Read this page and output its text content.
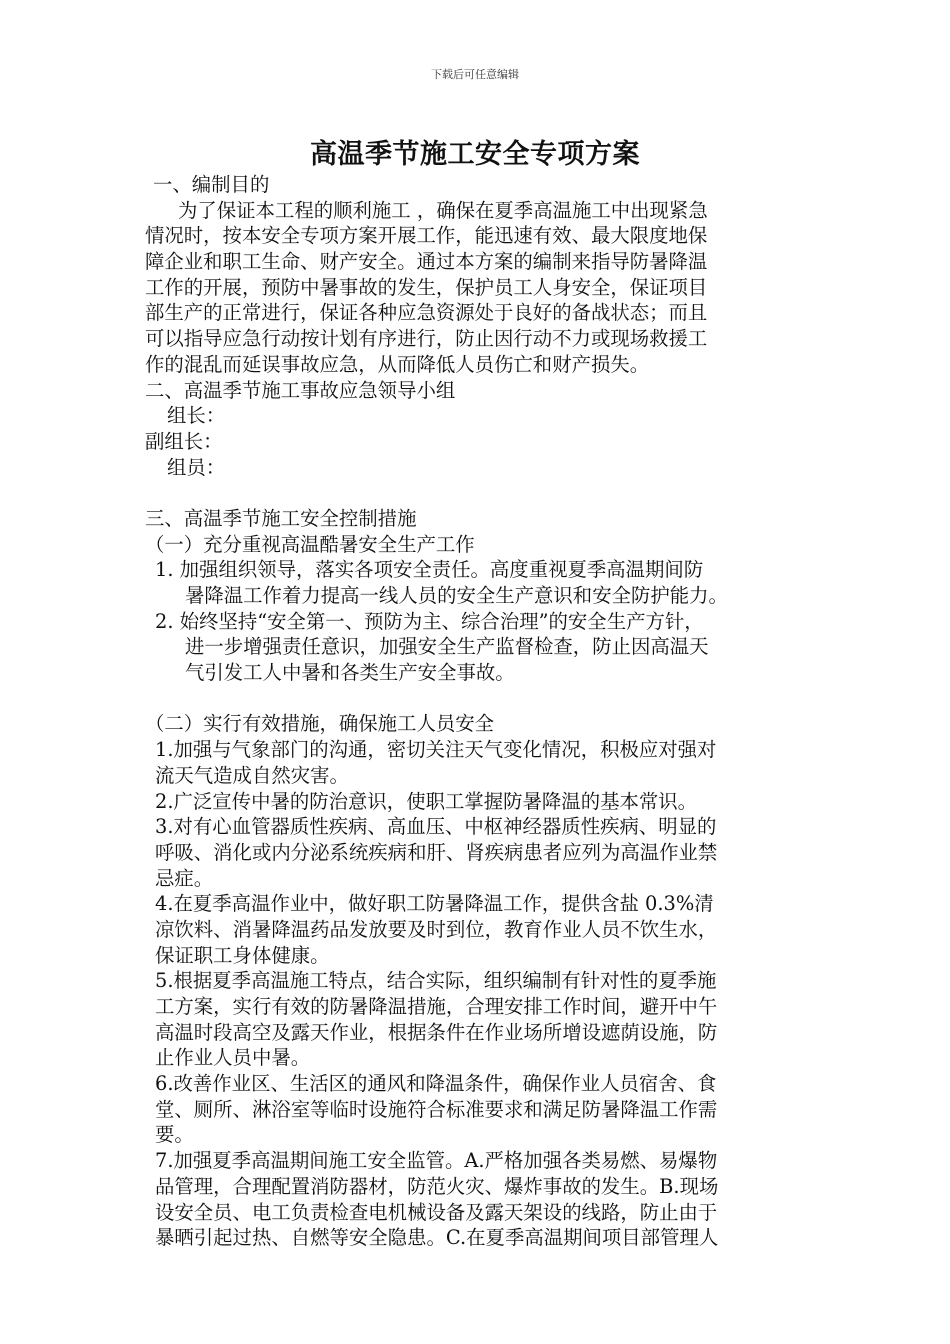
下载后可任意编辑
高温季节施工安全专项方案
一、编制目的
为了保证本工程的顺利施工 ，确保在夏季高温施工中出现紧急
情况时，按本安全专项方案开展工作，能迅速有效、最大限度地保
障企业和职工生命、财产安全。通过本方案的编制来指导防暑降温
工作的开展，预防中暑事故的发生，保护员工人身安全，保证项目
部生产的正常进行，保证各种应急资源处于良好的备战状态；而且
可以指导应急行动按计划有序进行，防止因行动不力或现场救援工
作的混乱而延误事故应急，从而降低人员伤亡和财产损失。
二、高温季节施工事故应急领导小组
组长：
副组长：
组员：
三、高温季节施工安全控制措施
（一）充分重视高温酷暑安全生产工作
1. 加强组织领导，落实各项安全责任。高度重视夏季高温期间防
暑降温工作着力提高一线人员的安全生产意识和安全防护能力。
2. 始终坚持“安全第一、预防为主、综合治理”的安全生产方针，
进一步增强责任意识，加强安全生产监督检查，防止因高温天
气引发工人中暑和各类生产安全事故。
（二）实行有效措施，确保施工人员安全
1.加强与气象部门的沟通，密切关注天气变化情况，积极应对强对
流天气造成自然灾害。
2.广泛宣传中暑的防治意识，使职工掌握防暑降温的基本常识。
3.对有心血管器质性疾病、高血压、中枢神经器质性疾病、明显的
呼吸、消化或内分泌系统疾病和肝、肾疾病患者应列为高温作业禁
忌症。
4.在夏季高温作业中，做好职工防暑降温工作，提供含盐 0.3%清
凉饮料、消暑降温药品发放要及时到位，教育作业人员不饮生水，
保证职工身体健康。
5.根据夏季高温施工特点，结合实际，组织编制有针对性的夏季施
工方案，实行有效的防暑降温措施，合理安排工作时间，避开中午
高温时段高空及露天作业，根据条件在作业场所增设遮荫设施，防
止作业人员中暑。
6.改善作业区、生活区的通风和降温条件，确保作业人员宿舍、食
堂、厕所、淋浴室等临时设施符合标准要求和满足防暑降温工作需
要。
7.加强夏季高温期间施工安全监管。A.严格加强各类易燃、易爆物
品管理，合理配置消防器材，防范火灾、爆炸事故的发生。B.现场
设安全员、电工负责检查电机械设备及露天架设的线路，防止由于
暴晒引起过热、自燃等安全隐患。C.在夏季高温期间项目部管理人
